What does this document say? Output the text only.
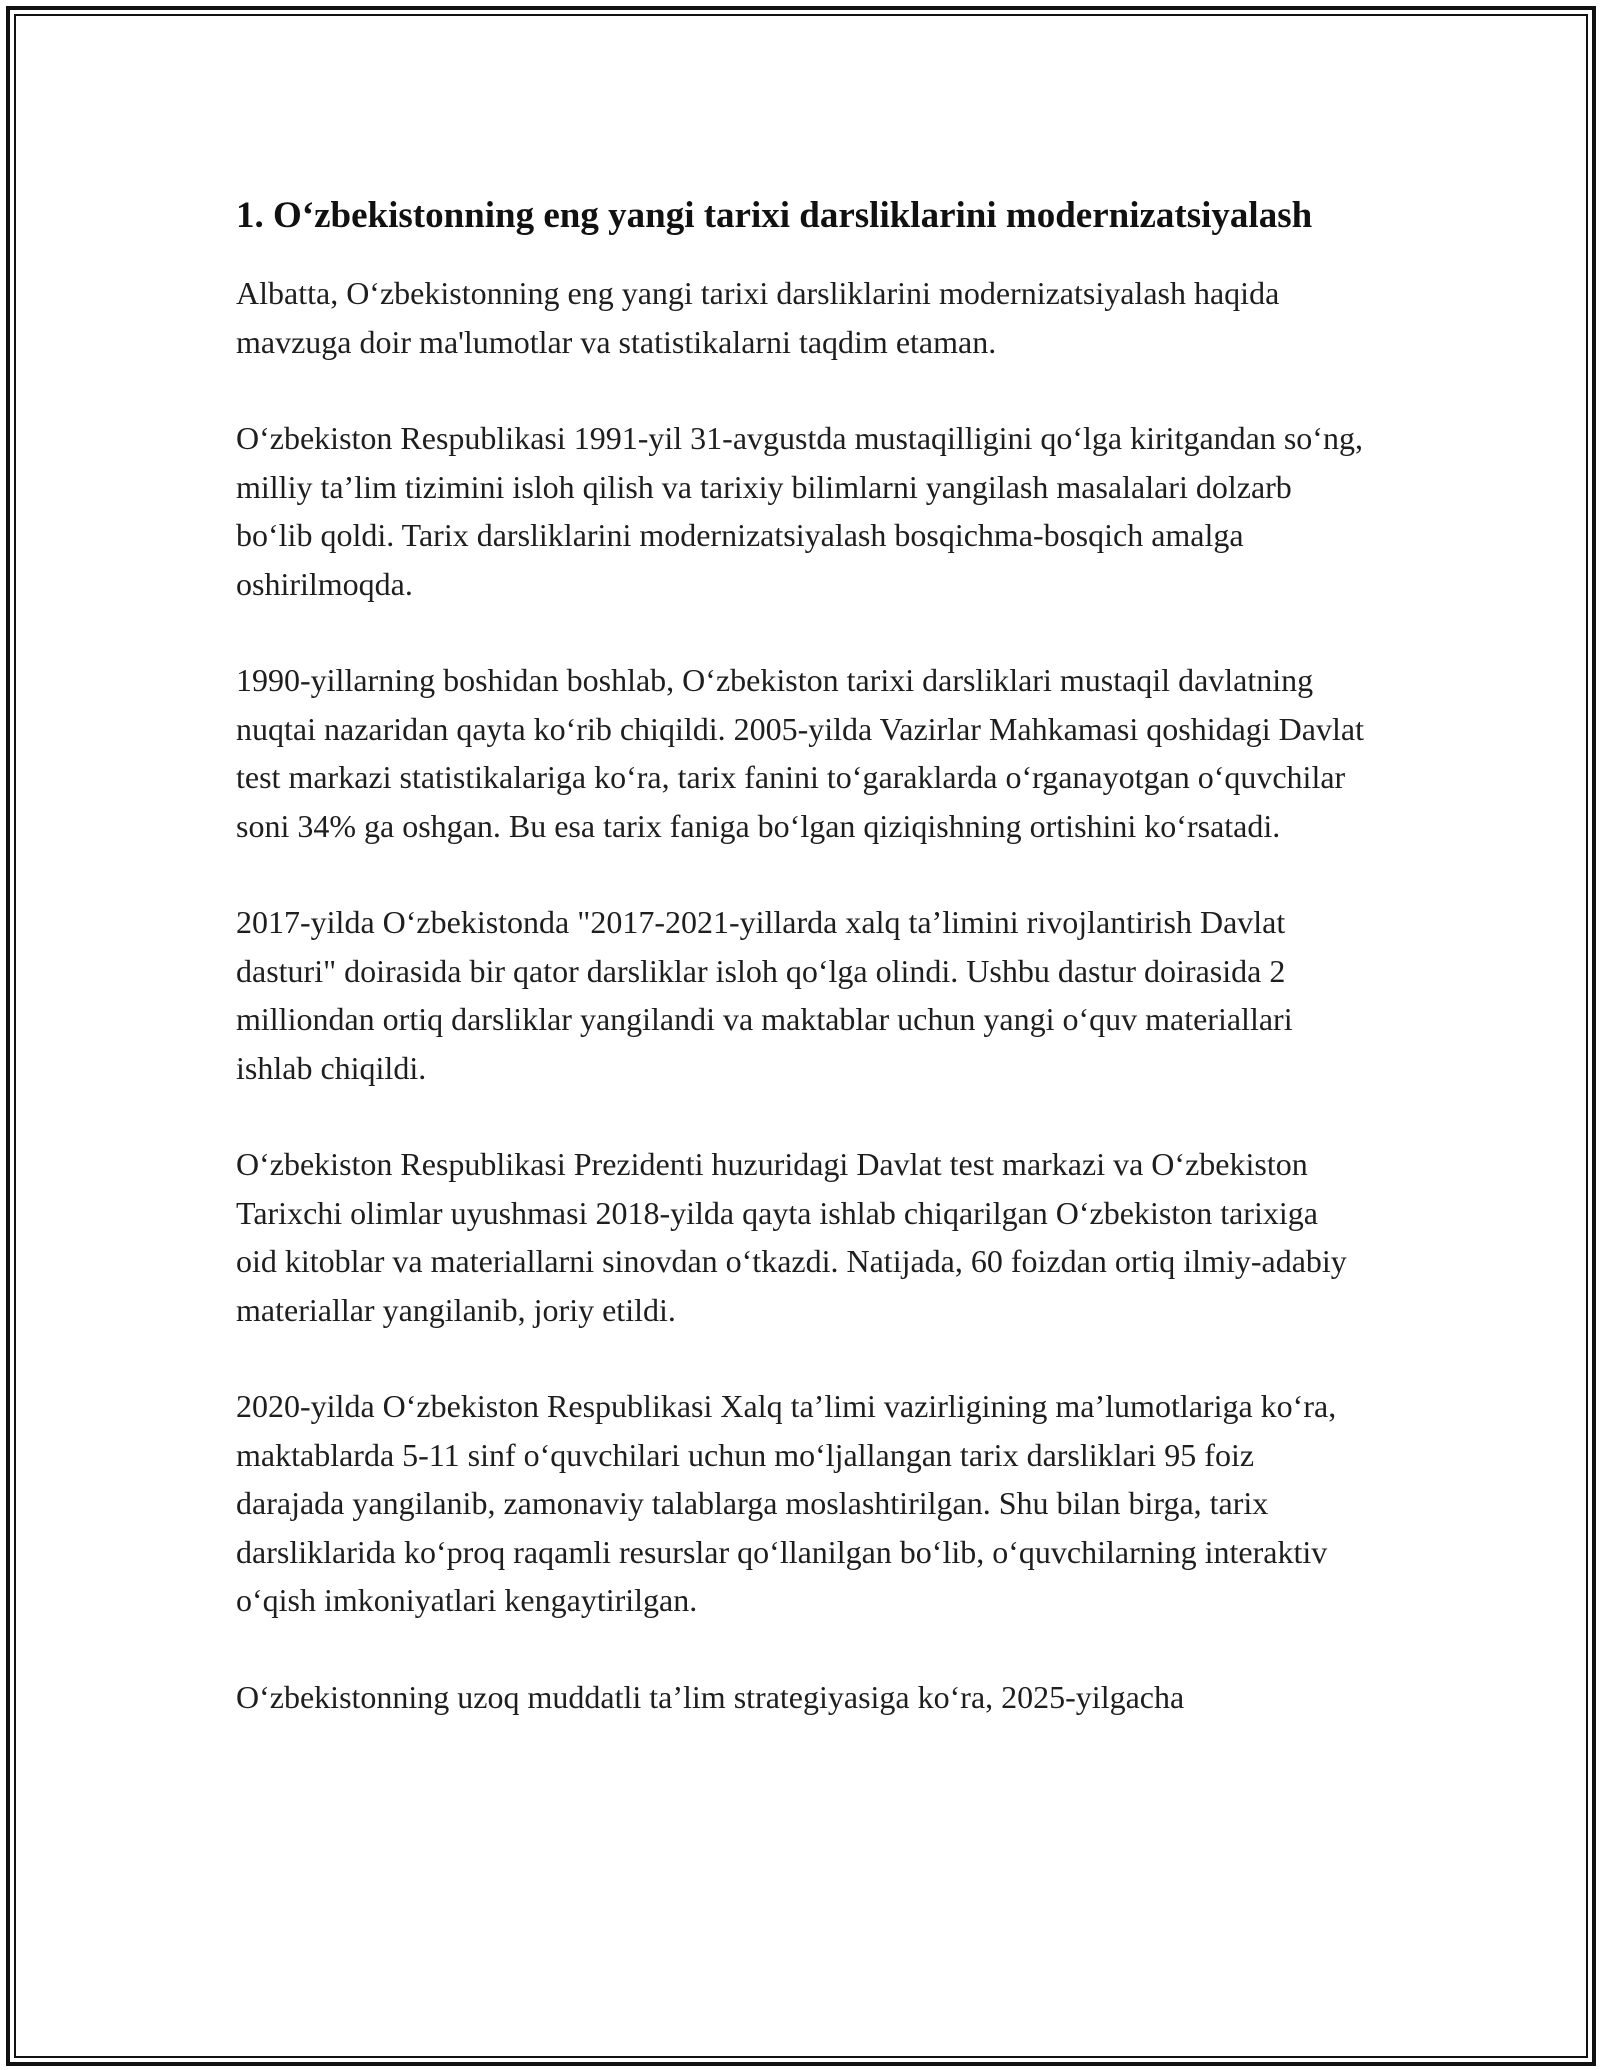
1. O‘zbekistonning eng yangi tarixi darsliklarini modernizatsiyalash

Albatta, O‘zbekistonning eng yangi tarixi darsliklarini modernizatsiyalash haqida mavzuga doir ma'lumotlar va statistikalarni taqdim etaman.

O‘zbekiston Respublikasi 1991-yil 31-avgustda mustaqilligini qo‘lga kiritgandan so‘ng, milliy ta’lim tizimini isloh qilish va tarixiy bilimlarni yangilash masalalari dolzarb bo‘lib qoldi. Tarix darsliklarini modernizatsiyalash bosqichma-bosqich amalga oshirilmoqda.

1990-yillarning boshidan boshlab, O‘zbekiston tarixi darsliklari mustaqil davlatning nuqtai nazaridan qayta ko‘rib chiqildi. 2005-yilda Vazirlar Mahkamasi qoshidagi Davlat test markazi statistikalariga ko‘ra, tarix fanini to‘garaklarda o‘rganayotgan o‘quvchilar soni 34% ga oshgan. Bu esa tarix faniga bo‘lgan qiziqishning ortishini ko‘rsatadi.

2017-yilda O‘zbekistonda "2017-2021-yillarda xalq ta’limini rivojlantirish Davlat dasturi" doirasida bir qator darsliklar isloh qo‘lga olindi. Ushbu dastur doirasida 2 milliondan ortiq darsliklar yangilandi va maktablar uchun yangi o‘quv materiallari ishlab chiqildi.

O‘zbekiston Respublikasi Prezidenti huzuridagi Davlat test markazi va O‘zbekiston Tarixchi olimlar uyushmasi 2018-yilda qayta ishlab chiqarilgan O‘zbekiston tarixiga oid kitoblar va materiallarni sinovdan o‘tkazdi. Natijada, 60 foizdan ortiq ilmiy-adabiy materiallar yangilanib, joriy etildi.

2020-yilda O‘zbekiston Respublikasi Xalq ta’limi vazirligining ma’lumotlariga ko‘ra, maktablarda 5-11 sinf o‘quvchilari uchun mo‘ljallangan tarix darsliklari 95 foiz darajada yangilanib, zamonaviy talablarga moslashtirilgan. Shu bilan birga, tarix darsliklarida ko‘proq raqamli resurslar qo‘llanilgan bo‘lib, o‘quvchilarning interaktiv o‘qish imkoniyatlari kengaytirilgan.

O‘zbekistonning uzoq muddatli ta’lim strategiyasiga ko‘ra, 2025-yilgacha
